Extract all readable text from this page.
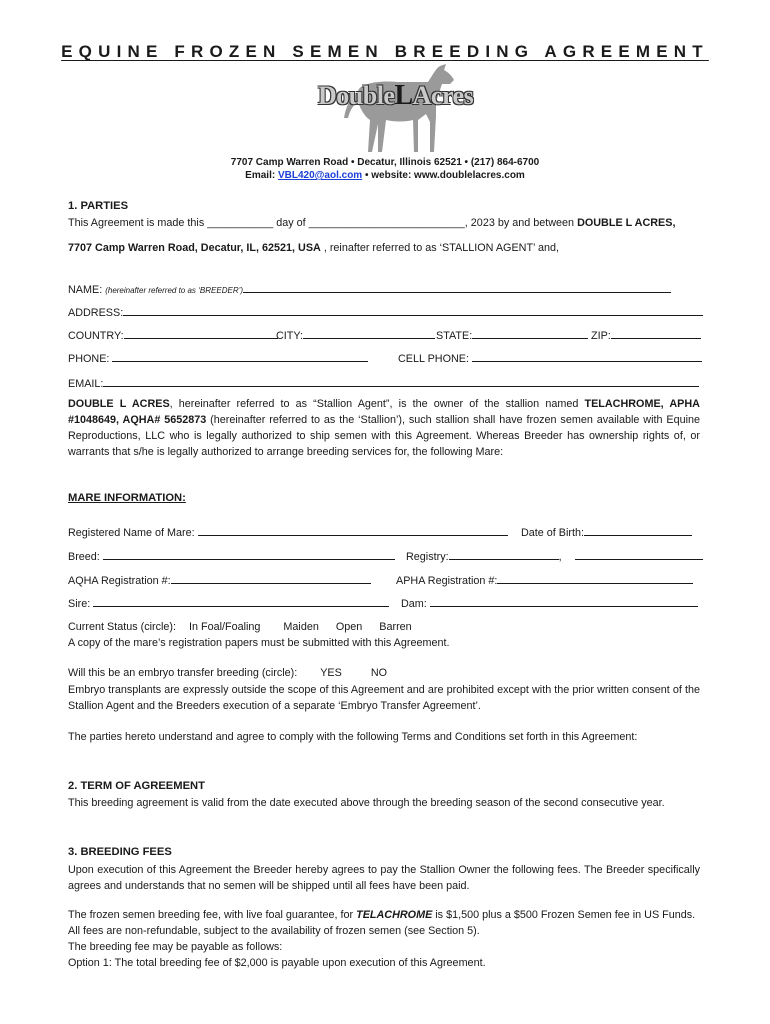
EQUINE FROZEN SEMEN BREEDING AGREEMENT
DoubleLAcres
7707 Camp Warren Road • Decatur, Illinois 62521 • (217) 864-6700
Email: VBL420@aol.com • website: www.doublelacres.com
1. PARTIES
This Agreement is made this ___________ day of __________________________, 2023 by and between DOUBLE L ACRES,
7707 Camp Warren Road, Decatur, IL, 62521, USA , reinafter referred to as ‘STALLION AGENT’ and,
NAME: (hereinafter referred to as ‘BREEDER’)
ADDRESS:
COUNTRY:	CITY:	STATE:	ZIP:
PHONE:	CELL PHONE:
EMAIL:
DOUBLE L ACRES, hereinafter referred to as “Stallion Agent”, is the owner of the stallion named TELACHROME, APHA #1048649, AQHA# 5652873 (hereinafter referred to as the ‘Stallion’), such stallion shall have frozen semen available with Equine Reproductions, LLC who is legally authorized to ship semen with this Agreement. Whereas Breeder has ownership rights of, or warrants that s/he is legally authorized to arrange breeding services for, the following Mare:
MARE INFORMATION:
Registered Name of Mare:	Date of Birth:
Breed:	Registry:	,
AQHA Registration #:	APHA Registration #:
Sire:	Dam:
Current Status (circle): In Foal/Foaling Maiden Open Barren
A copy of the mare’s registration papers must be submitted with this Agreement.
Will this be an embryo transfer breeding (circle): YES	NO
Embryo transplants are expressly outside the scope of this Agreement and are prohibited except with the prior written consent of the Stallion Agent and the Breeders execution of a separate ‘Embryo Transfer Agreement’.
The parties hereto understand and agree to comply with the following Terms and Conditions set forth in this Agreement:
2. TERM OF AGREEMENT
This breeding agreement is valid from the date executed above through the breeding season of the second consecutive year.
3. BREEDING FEES
Upon execution of this Agreement the Breeder hereby agrees to pay the Stallion Owner the following fees. The Breeder specifically agrees and understands that no semen will be shipped until all fees have been paid.
The frozen semen breeding fee, with live foal guarantee, for TELACHROME is $1,500 plus a $500 Frozen Semen fee in US Funds.
All fees are non-refundable, subject to the availability of frozen semen (see Section 5).
The breeding fee may be payable as follows:
Option 1: The total breeding fee of $2,000 is payable upon execution of this Agreement.
